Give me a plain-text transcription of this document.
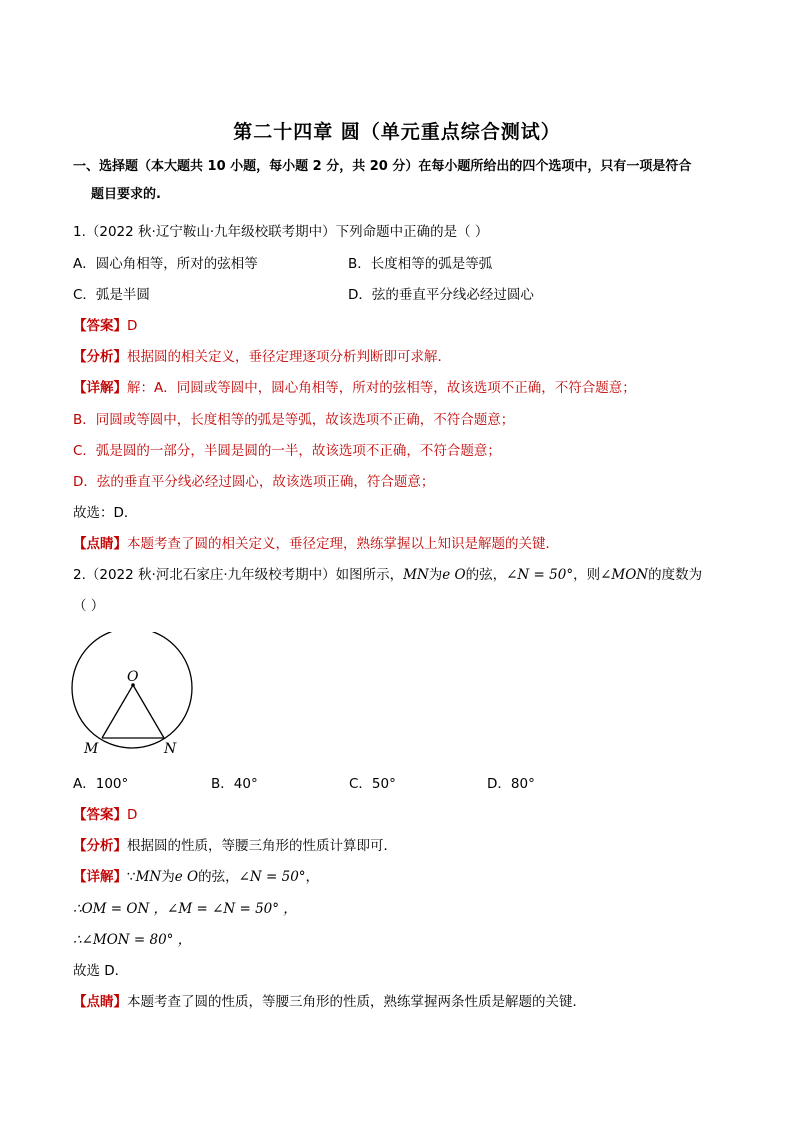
第二十四章 圆（单元重点综合测试）
一、选择题（本大题共 10 小题，每小题 2 分，共 20 分）在每小题所给出的四个选项中，只有一项是符合
题目要求的.
1.（2022 秋·辽宁鞍山·九年级校联考期中）下列命题中正确的是（ ）
A．圆心角相等，所对的弦相等	B．长度相等的弧是等弧
C．弧是半圆	D．弦的垂直平分线必经过圆心
【答案】D
【分析】根据圆的相关定义，垂径定理逐项分析判断即可求解．
【详解】解：A．同圆或等圆中，圆心角相等，所对的弦相等，故该选项不正确，不符合题意；
B．同圆或等圆中，长度相等的弧是等弧，故该选项不正确，不符合题意；
C．弧是圆的一部分，半圆是圆的一半，故该选项不正确，不符合题意；
D．弦的垂直平分线必经过圆心，故该选项正确，符合题意；
故选：D．
【点睛】本题考查了圆的相关定义，垂径定理，熟练掌握以上知识是解题的关键．
2.（2022 秋·河北石家庄·九年级校考期中）如图所示，MN为e O的弦，∠N = 50°，则∠MON的度数为
（ ）
O
M	N
A．100°	B．40°	C．50°	D．80°
【答案】D
【分析】根据圆的性质，等腰三角形的性质计算即可．
【详解】∵MN为e O的弦，∠N = 50°，
∴OM = ON ，∠M = ∠N = 50° ，
∴∠MON = 80° ，
故选 D．
【点睛】本题考查了圆的性质，等腰三角形的性质，熟练掌握两条性质是解题的关键．
